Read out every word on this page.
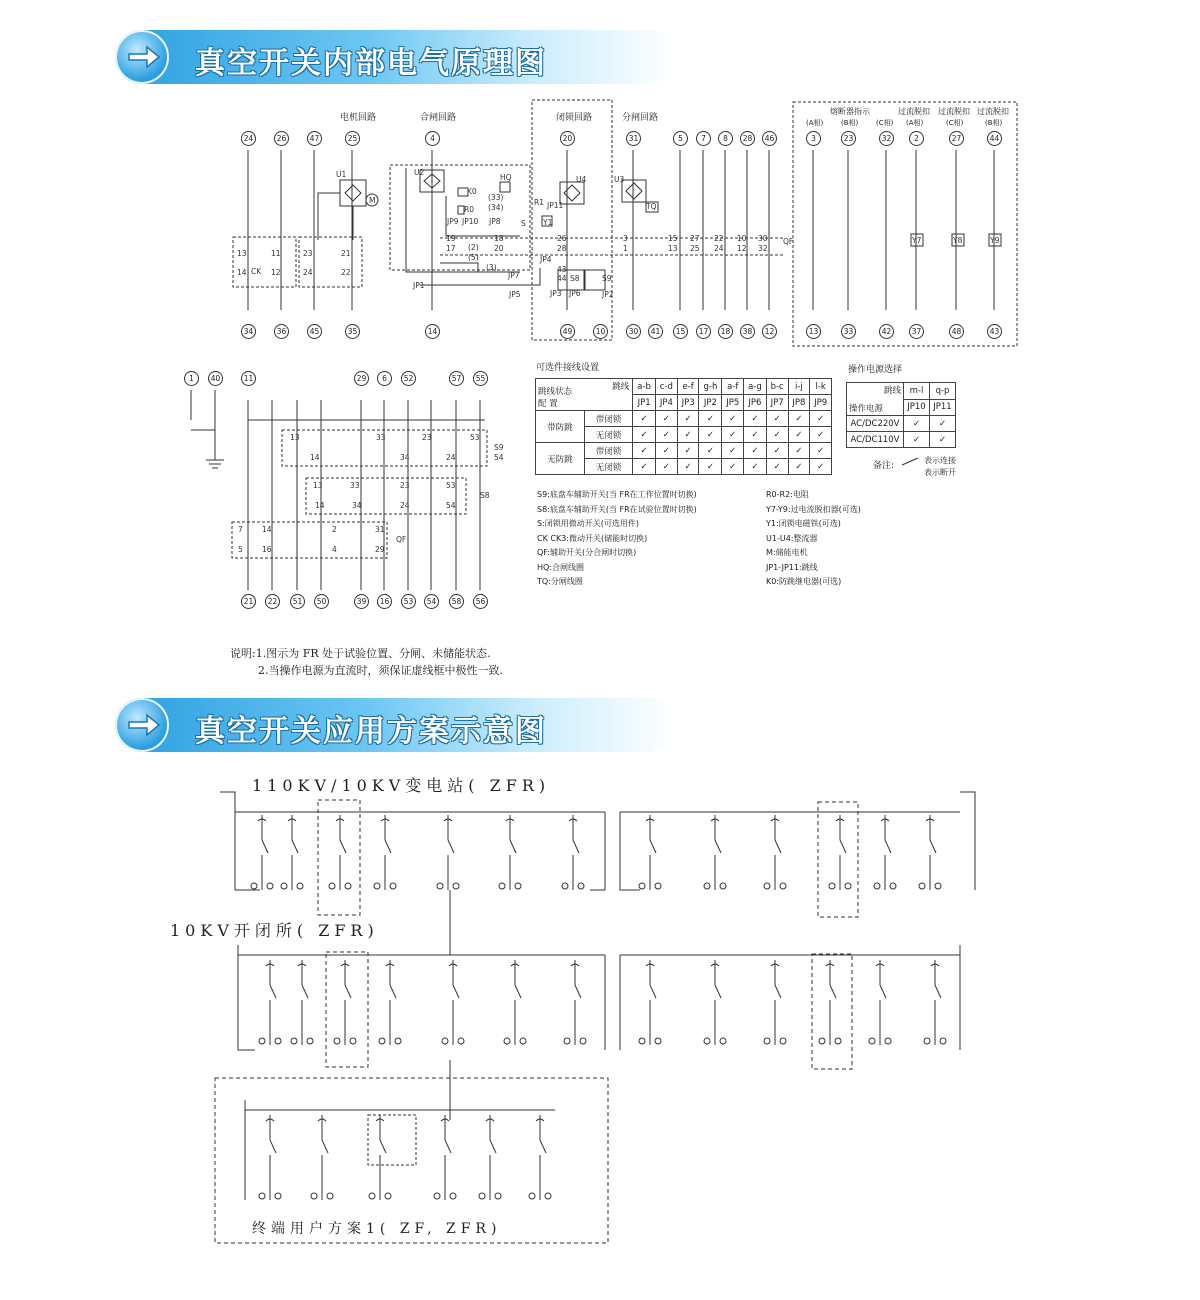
真空开关内部电气原理图
U1	U2
U3
U4
M
K0
R0
HQ
TQ
R1
Y1
JP9 JP10 JP8
JP11
JP4
JP7
JP1
JP5	JP3 JP6	JP2
S8	S9
QF
CK
Y7	Y8	Y9
S
13	11	23	21
14	12	24	22
19
17
18
20
26
28
43
44
3
1
15
13
27
25
22
24
10
12
30
32
(33)
(34)
(5)
(3)
(2)
13
14
33
34
23
24
53
54
S9
13
14
33
34
23
24
53
54
S8
7
5
14
16
2
4
31
29
QF
电机回路	合闸回路	闭锁回路	分闸回路
熔断器指示
(A相)	(B相)	(C相)
过流脱扣 过流脱扣 过流脱扣
(A相)	(C相)	(B相)
24	26	47	25	4	20	31	5	7	8	28	46	3	23	32	2	27	44
34	36	45	35	14	49	10	30	41	15	17	18	38	12	13	33	42	37	48	43
1	40	11	29	6	52	57	55
21	22	51	50	39	16	53	54	58	56
可选件接线设置
跳线
跳线状态
配 置		a-b	c-d	e-f	g-h	a-f	a-g	b-c	i-j	l-k
		JP1	JP4	JP3	JP2	JP5	JP6	JP7	JP8	JP9
带防跳	带闭锁	✓	✓	✓	✓	✓	✓	✓	✓	✓
	无闭锁	✓	✓	✓	✓	✓	✓	✓	✓	✓
无防跳	带闭锁	✓	✓	✓	✓	✓	✓	✓	✓	✓
	无闭锁	✓	✓	✓	✓	✓	✓	✓	✓	✓
操作电源选择
跳线
操作电源	m-l	q-p
	JP10	JP11
AC/DC220V	✓	✓
AC/DC110V	✓	✓
备注:
表示连接
表示断开
S9:底盘车辅助开关(当 FR在工作位置时切换)
S8:底盘车辅助开关(当 FR在试验位置时切换)
S:闭锁用微动开关(可选用件)
CK CK3:微动开关(储能时切换)
QF:辅助开关(分合闸时切换)
HQ:合闸线圈
TQ:分闸线圈
R0-R2:电阻
Y7-Y9:过电流脱扣器(可选)
Y1:闭锁电磁铁(可选)
U1-U4:整流器
M:储能电机
JP1-JP11:跳线
K0:防跳继电器(可选)
说明:1.图示为 FR 处于试验位置、分闸、未储能状态.
2.当操作电源为直流时，须保证虚线框中极性一致.
真空开关应用方案示意图
110KV/10KV变电站( ZFR)
10KV开闭所( ZFR)
终端用户方案1( ZF, ZFR)
